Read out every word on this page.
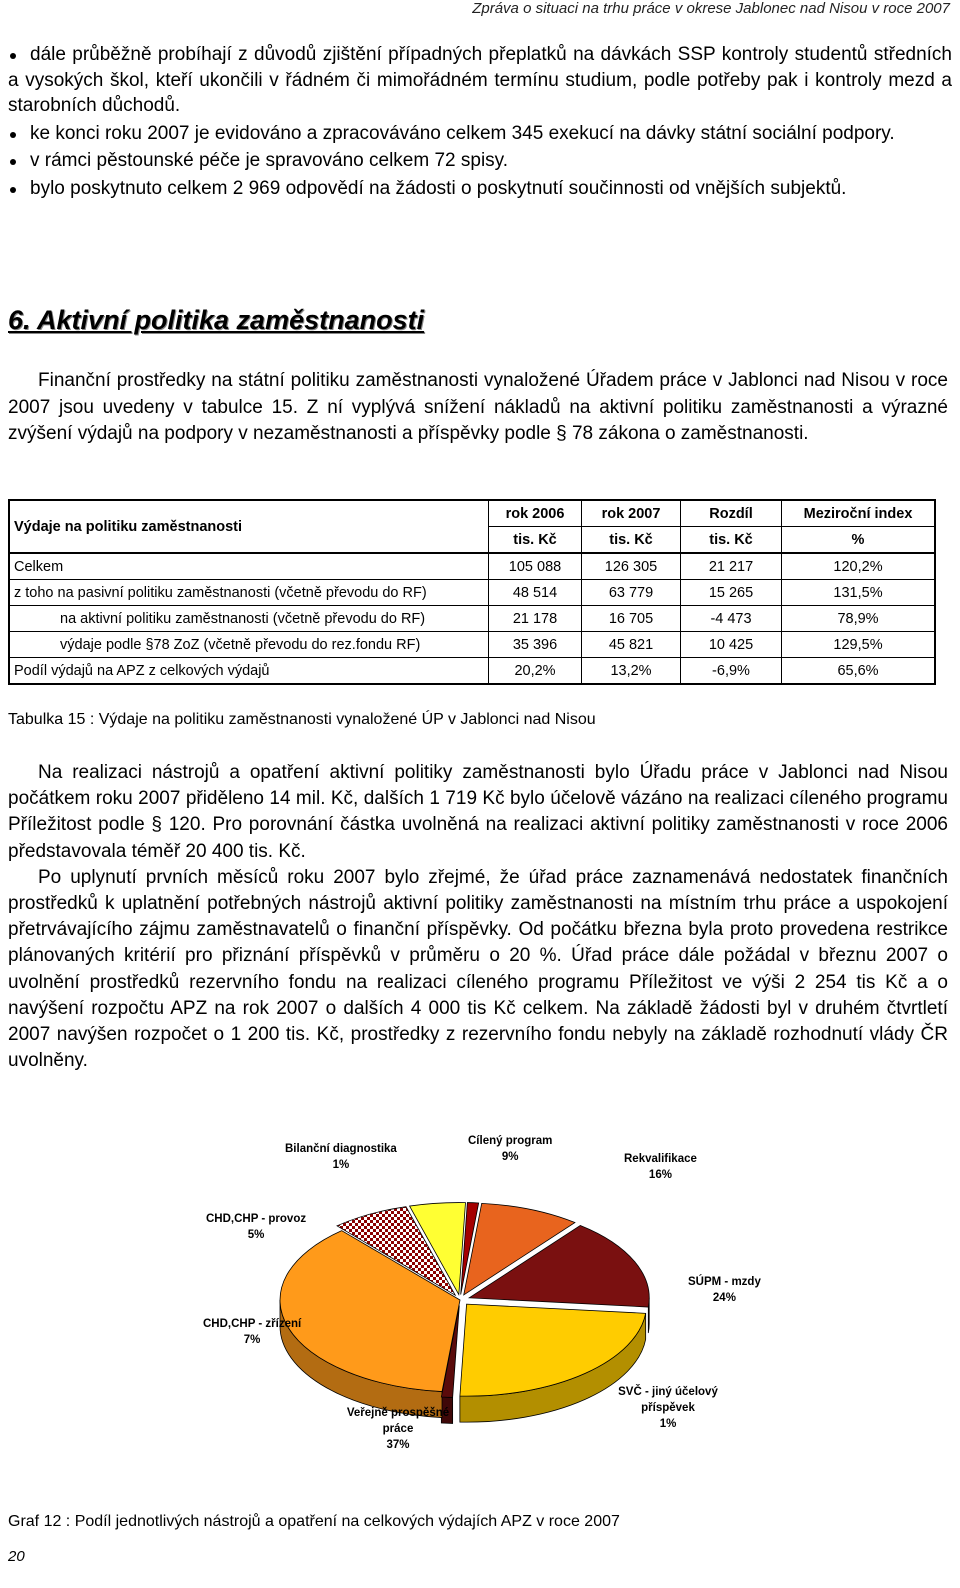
Zpráva o situaci na trhu práce v okrese Jablonec nad Nisou v roce 2007
dále průběžně probíhají z důvodů zjištění případných přeplatků na dávkách SSP kontroly studentů středních a vysokých škol, kteří ukončili v řádném či mimořádném termínu studium, podle potřeby pak i kontroly mezd a starobních důchodů.
ke konci roku 2007 je evidováno a zpracováváno celkem 345 exekucí na dávky státní sociální podpory.
v rámci pěstounské péče je spravováno celkem 72 spisy.
bylo poskytnuto celkem 2 969 odpovědí na žádosti o poskytnutí součinnosti od vnějších subjektů.
6. Aktivní politika zaměstnanosti

Finanční prostředky na státní politiku zaměstnanosti vynaložené Úřadem práce v Jablonci nad Nisou v roce 2007 jsou uvedeny v tabulce 15. Z ní vyplývá snížení nákladů na aktivní politiku zaměstnanosti a výrazné zvýšení výdajů na podpory v nezaměstnanosti a příspěvky podle § 78 zákona o zaměstnanosti.

Výdaje na politiku zaměstnanosti	rok 2006	rok 2007	Rozdíl	Meziroční index
	tis. Kč	tis. Kč	tis. Kč	%
Celkem	105 088	126 305	21 217	120,2%
z toho na pasivní politiku zaměstnanosti (včetně převodu do RF)	48 514	63 779	15 265	131,5%
na aktivní politiku zaměstnanosti (včetně převodu do RF)	21 178	16 705	-4 473	78,9%
výdaje podle §78 ZoZ (včetně převodu do rez.fondu RF)	35 396	45 821	10 425	129,5%
Podíl výdajů na APZ z celkových výdajů	20,2%	13,2%	-6,9%	65,6%
Tabulka 15 : Výdaje na politiku zaměstnanosti vynaložené ÚP v Jablonci nad Nisou

Na realizaci nástrojů a opatření aktivní politiky zaměstnanosti bylo Úřadu práce v Jablonci nad Nisou počátkem roku 2007 přiděleno 14 mil. Kč, dalších 1 719 Kč bylo účelově vázáno na realizaci cíleného programu Příležitost podle § 120. Pro porovnání částka uvolněná na realizaci aktivní politiky zaměstnanosti v roce 2006 představovala téměř 20 400 tis. Kč.

Po uplynutí prvních měsíců roku 2007 bylo zřejmé, že úřad práce zaznamenává nedostatek finančních prostředků k uplatnění potřebných nástrojů aktivní politiky zaměstnanosti na místním trhu práce a uspokojení přetrvávajícího zájmu zaměstnavatelů o finanční příspěvky. Od počátku března byla proto provedena restrikce plánovaných kritérií pro přiznání příspěvků v průměru o 20 %. Úřad práce dále požádal v březnu 2007 o uvolnění prostředků rezervního fondu na realizaci cíleného programu Příležitost ve výši 2 254 tis Kč a o navýšení rozpočtu APZ na rok 2007 o dalších 4 000 tis Kč celkem. Na základě žádosti byl v druhém čtvrtletí 2007 navýšen rozpočet o 1 200 tis. Kč, prostředky z rezervního fondu nebyly na základě rozhodnutí vlády ČR uvolněny.

Bilanční diagnostika
1%
Cílený program
9%	Rekvalifikace
16%
CHD,CHP - provoz
5%
SÚPM - mzdy
24%
CHD,CHP - zřízení
7%
SVČ - jiný účelový příspěvek
1%
Veřejně prospěšné práce
37%
Graf 12 : Podíl jednotlivých nástrojů a opatření na celkových výdajích APZ v roce 2007
20
